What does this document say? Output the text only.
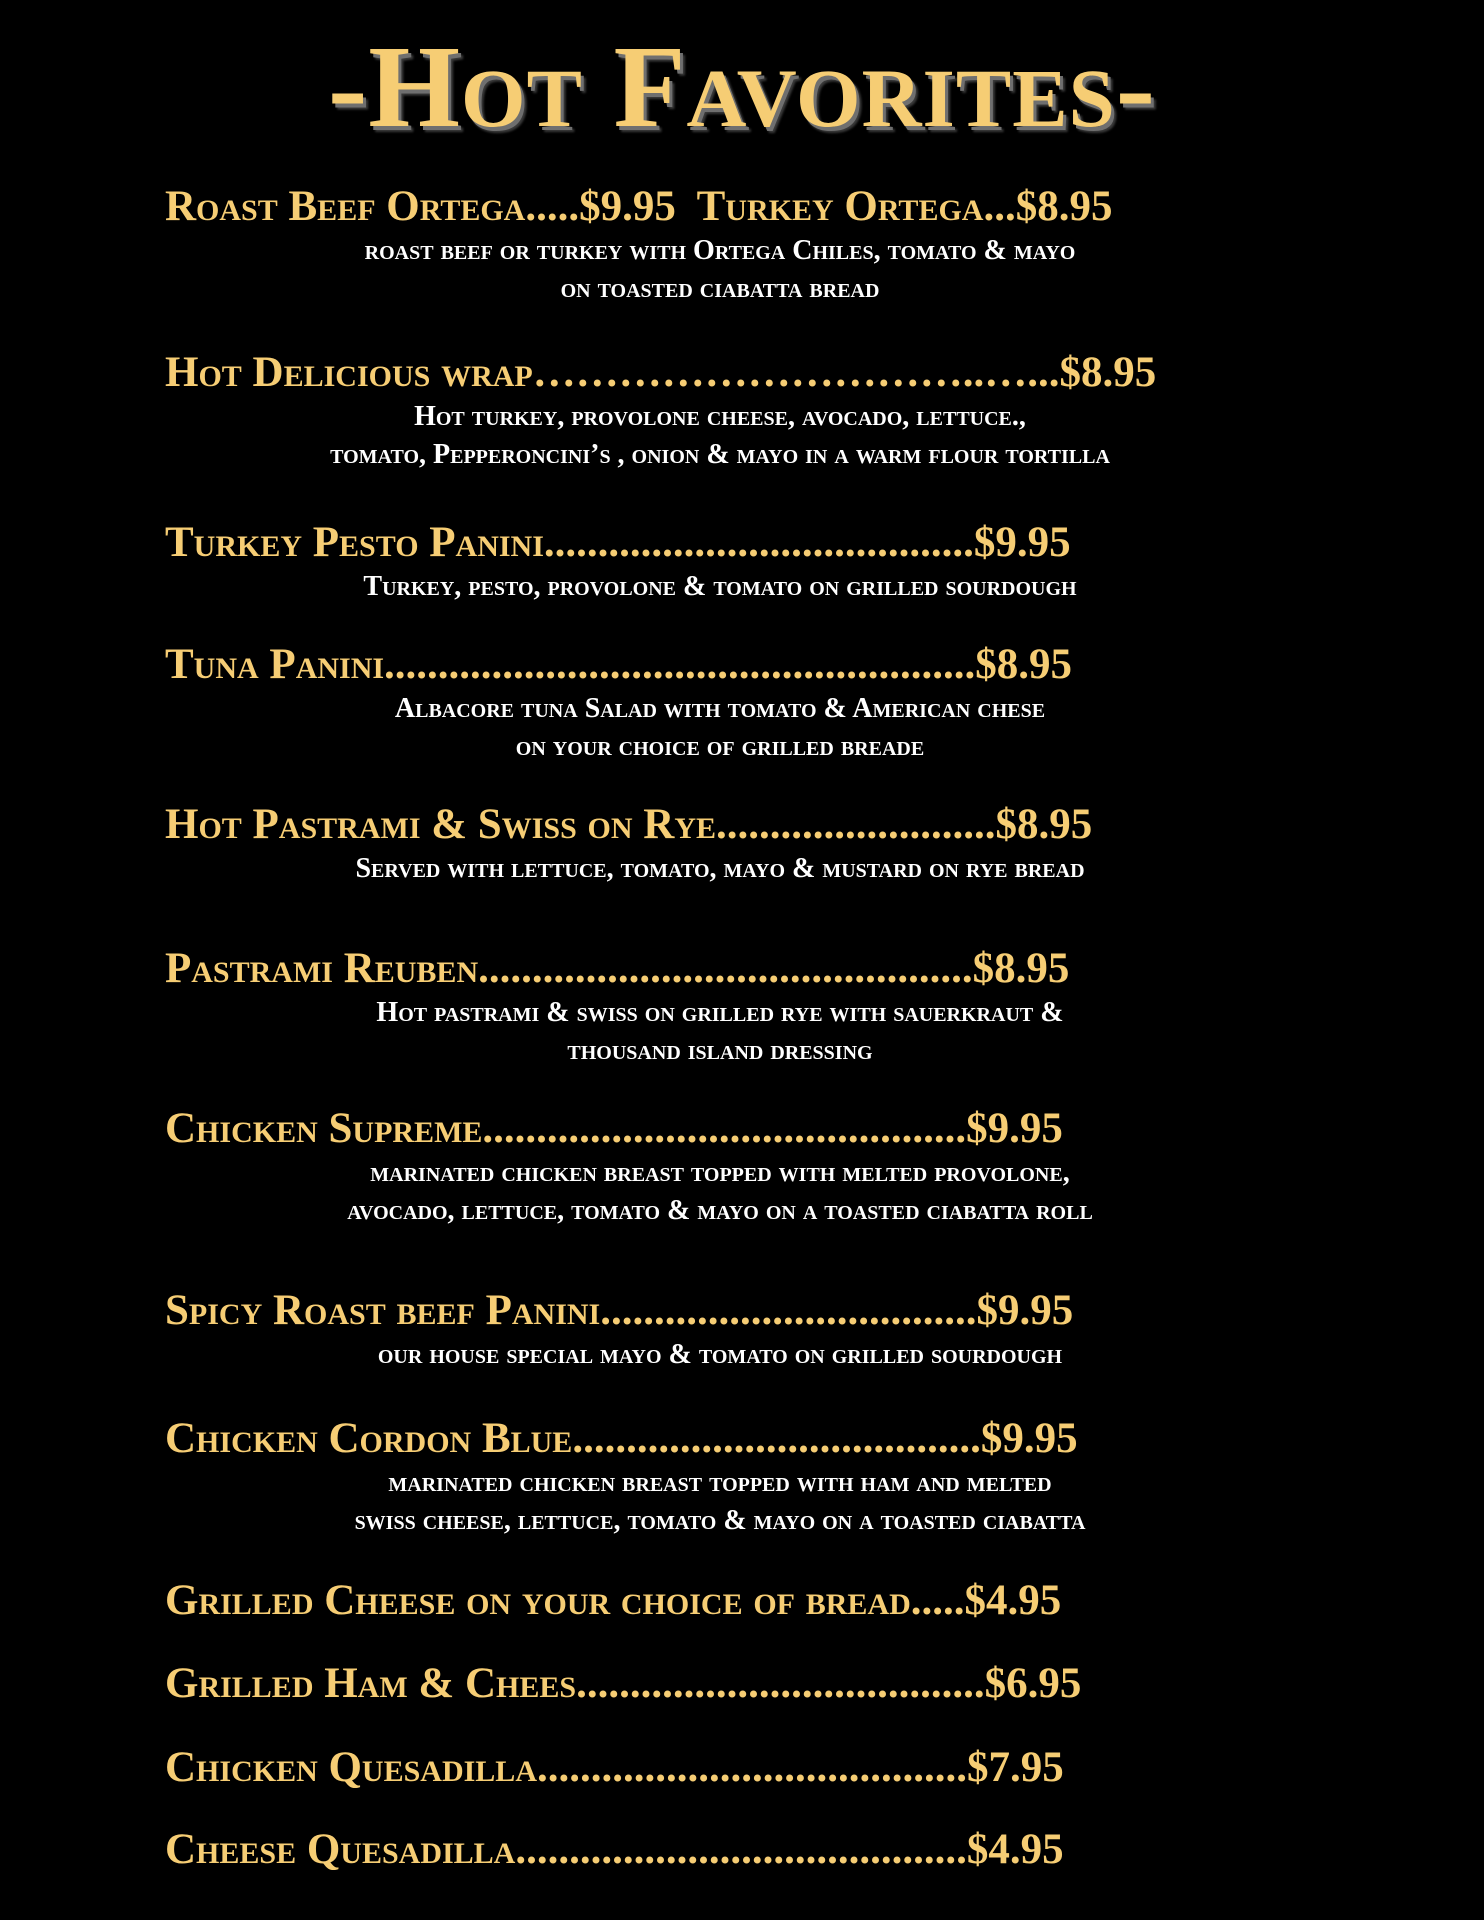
-Hot Favorites-
Roast Beef Ortega.....$9.95 Turkey Ortega...$8.95
roast beef or turkey with Ortega Chiles, tomato & mayo
on toasted ciabatta bread
Hot Delicious wrap…………………………..…...$8.95
Hot turkey, provolone cheese, avocado, lettuce.,
tomato, Pepperoncini’s , onion & mayo in a warm flour tortilla
Turkey Pesto Panini........................................$9.95
Turkey, pesto, provolone & tomato on grilled sourdough
Tuna Panini.......................................................$8.95
Albacore tuna Salad with tomato & American chese
on your choice of grilled breade
Hot Pastrami & Swiss on Rye..........................$8.95
Served with lettuce, tomato, mayo & mustard on rye bread
Pastrami Reuben..............................................$8.95
Hot pastrami & swiss on grilled rye with sauerkraut &
thousand island dressing
Chicken Supreme.............................................$9.95
marinated chicken breast topped with melted provolone,
avocado, lettuce, tomato & mayo on a toasted ciabatta roll
Spicy Roast beef Panini...................................$9.95
our house special mayo & tomato on grilled sourdough
Chicken Cordon Blue......................................$9.95
marinated chicken breast topped with ham and melted
swiss cheese, lettuce, tomato & mayo on a toasted ciabatta
Grilled Cheese on your choice of bread.....$4.95
Grilled Ham & Chees......................................$6.95
Chicken Quesadilla........................................$7.95
Cheese Quesadilla..........................................$4.95
